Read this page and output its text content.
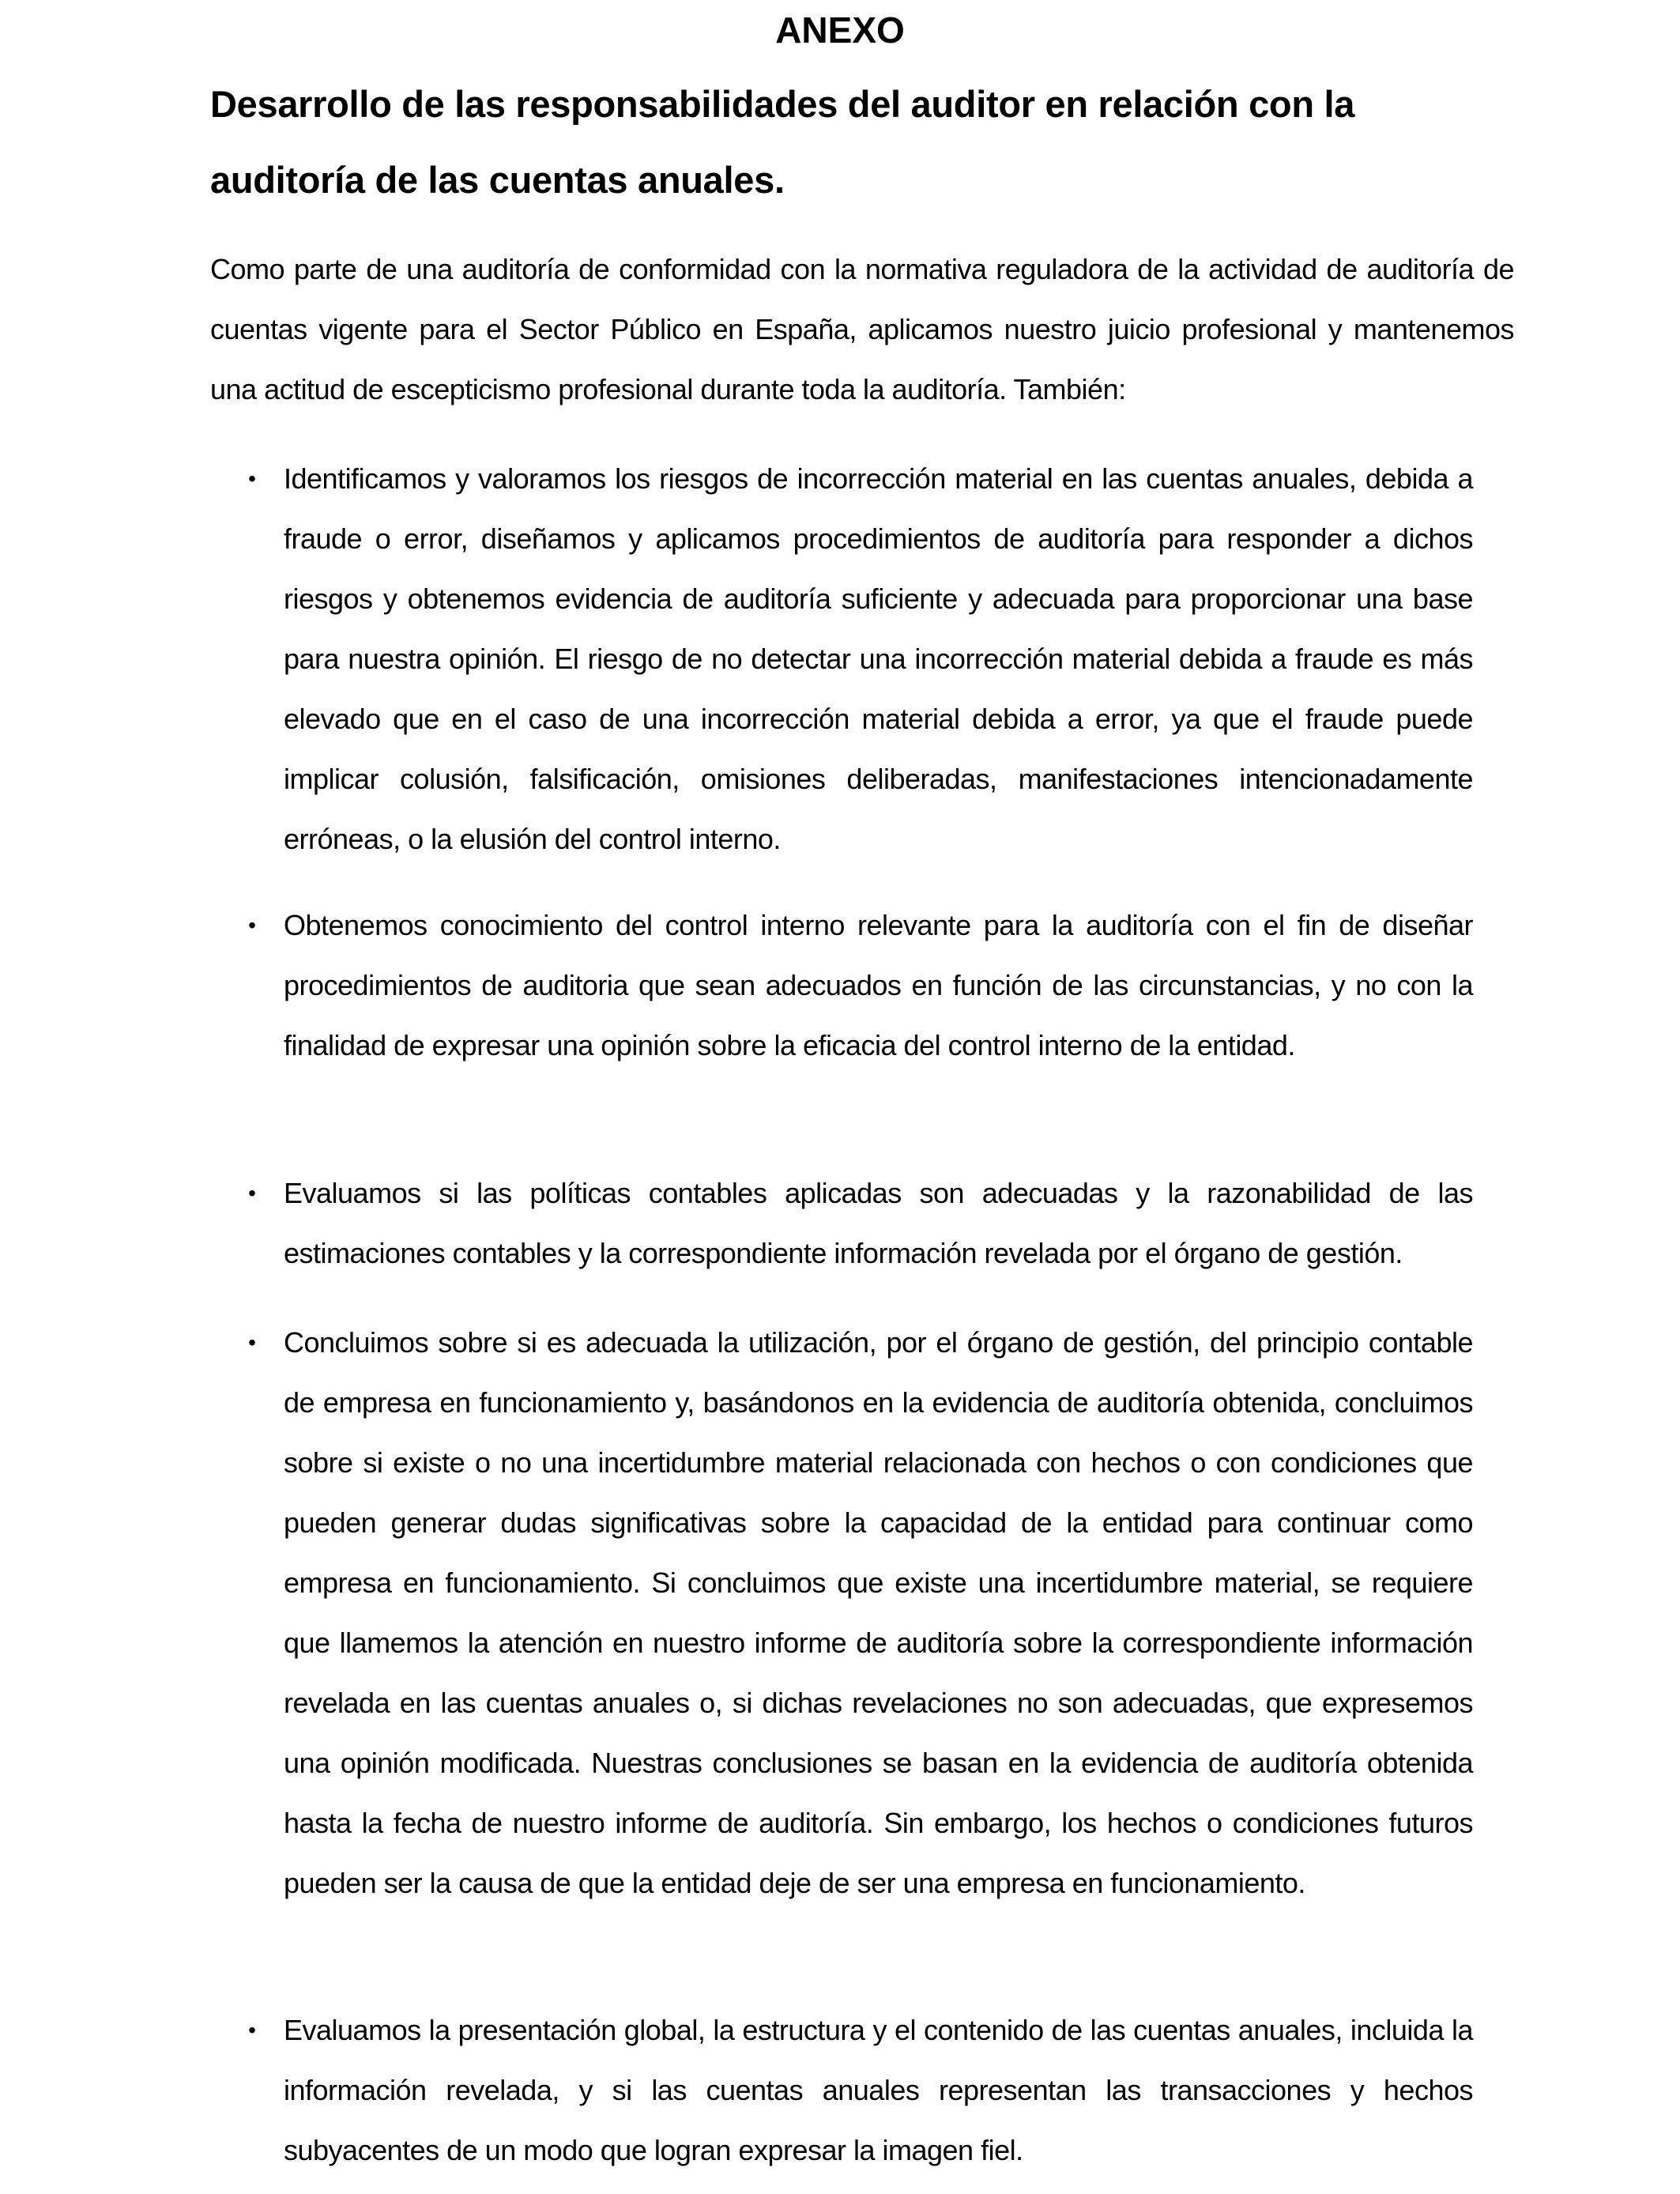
ANEXO
Desarrollo de las responsabilidades del auditor en relación con la auditoría de las cuentas anuales.
Como parte de una auditoría de conformidad con la normativa reguladora de la actividad de auditoría de cuentas vigente para el Sector Público en España, aplicamos nuestro juicio profesional y mantenemos una actitud de escepticismo profesional durante toda la auditoría. También:
• Identificamos y valoramos los riesgos de incorrección material en las cuentas anuales, debida a fraude o error, diseñamos y aplicamos procedimientos de auditoría para responder a dichos riesgos y obtenemos evidencia de auditoría suficiente y adecuada para proporcionar una base para nuestra opinión. El riesgo de no detectar una incorrección material debida a fraude es más elevado que en el caso de una incorrección material debida a error, ya que el fraude puede implicar colusión, falsificación, omisiones deliberadas, manifestaciones intencionadamente erróneas, o la elusión del control interno.
• Obtenemos conocimiento del control interno relevante para la auditoría con el fin de diseñar procedimientos de auditoria que sean adecuados en función de las circunstancias, y no con la finalidad de expresar una opinión sobre la eficacia del control interno de la entidad.
• Evaluamos si las políticas contables aplicadas son adecuadas y la razonabilidad de las estimaciones contables y la correspondiente información revelada por el órgano de gestión.
• Concluimos sobre si es adecuada la utilización, por el órgano de gestión, del principio contable de empresa en funcionamiento y, basándonos en la evidencia de auditoría obtenida, concluimos sobre si existe o no una incertidumbre material relacionada con hechos o con condiciones que pueden generar dudas significativas sobre la capacidad de la entidad para continuar como empresa en funcionamiento. Si concluimos que existe una incertidumbre material, se requiere que llamemos la atención en nuestro informe de auditoría sobre la correspondiente información revelada en las cuentas anuales o, si dichas revelaciones no son adecuadas, que expresemos una opinión modificada. Nuestras conclusiones se basan en la evidencia de auditoría obtenida hasta la fecha de nuestro informe de auditoría. Sin embargo, los hechos o condiciones futuros pueden ser la causa de que la entidad deje de ser una empresa en funcionamiento.
• Evaluamos la presentación global, la estructura y el contenido de las cuentas anuales, incluida la información revelada, y si las cuentas anuales representan las transacciones y hechos subyacentes de un modo que logran expresar la imagen fiel.
